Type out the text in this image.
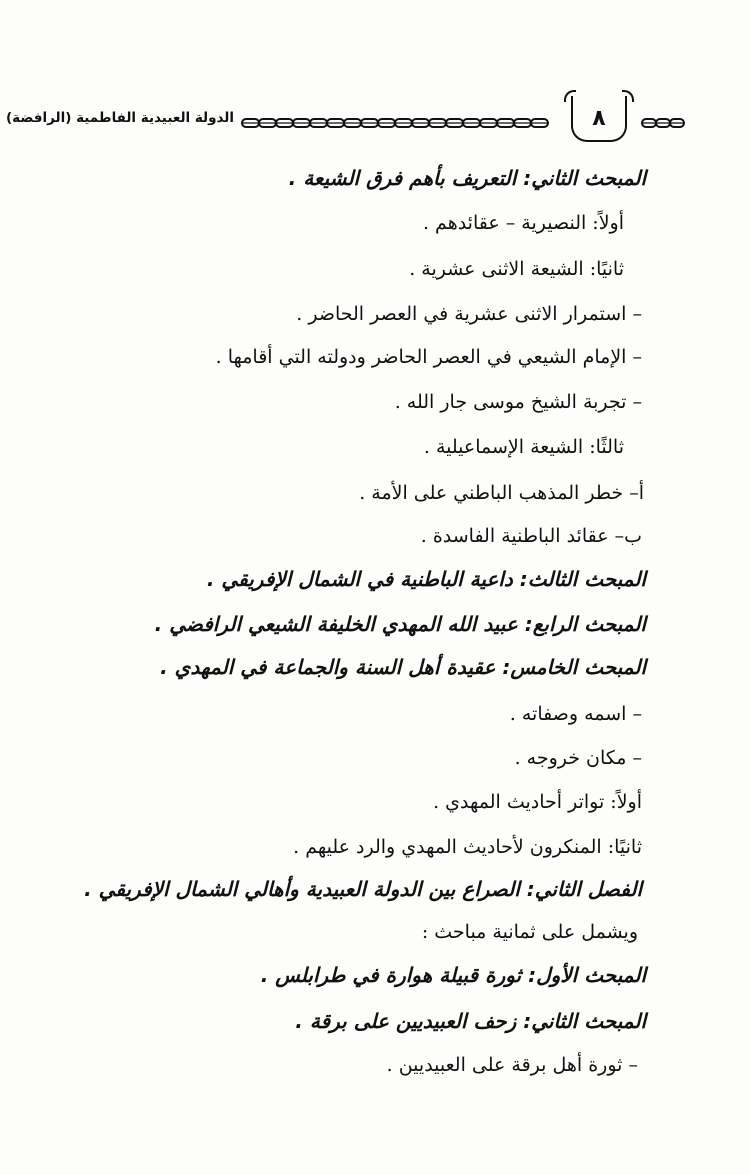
الدولة العبيدية الفاطمية (الرافضة)	٨
المبحث الثاني: التعريف بأهم فرق الشيعة .
أولاً: النصيرية – عقائدهم .
ثانيًا: الشيعة الاثنى عشرية .
– استمرار الاثنى عشرية في العصر الحاضر .
– الإمام الشيعي في العصر الحاضر ودولته التي أقامها .
– تجربة الشيخ موسى جار الله .
ثالثًا: الشيعة الإسماعيلية .
أ– خطر المذهب الباطني على الأمة .
ب– عقائد الباطنية الفاسدة .
المبحث الثالث: داعية الباطنية في الشمال الإفريقي .
المبحث الرابع: عبيد الله المهدي الخليفة الشيعي الرافضي .
المبحث الخامس: عقيدة أهل السنة والجماعة في المهدي .
– اسمه وصفاته .
– مكان خروجه .
أولاً: تواتر أحاديث المهدي .
ثانيًا: المنكرون لأحاديث المهدي والرد عليهم .
الفصل الثاني: الصراع بين الدولة العبيدية وأهالي الشمال الإفريقي .
ويشمل على ثمانية مباحث :
المبحث الأول: ثورة قبيلة هوارة في طرابلس .
المبحث الثاني: زحف العبيديين على برقة .
– ثورة أهل برقة على العبيديين .
